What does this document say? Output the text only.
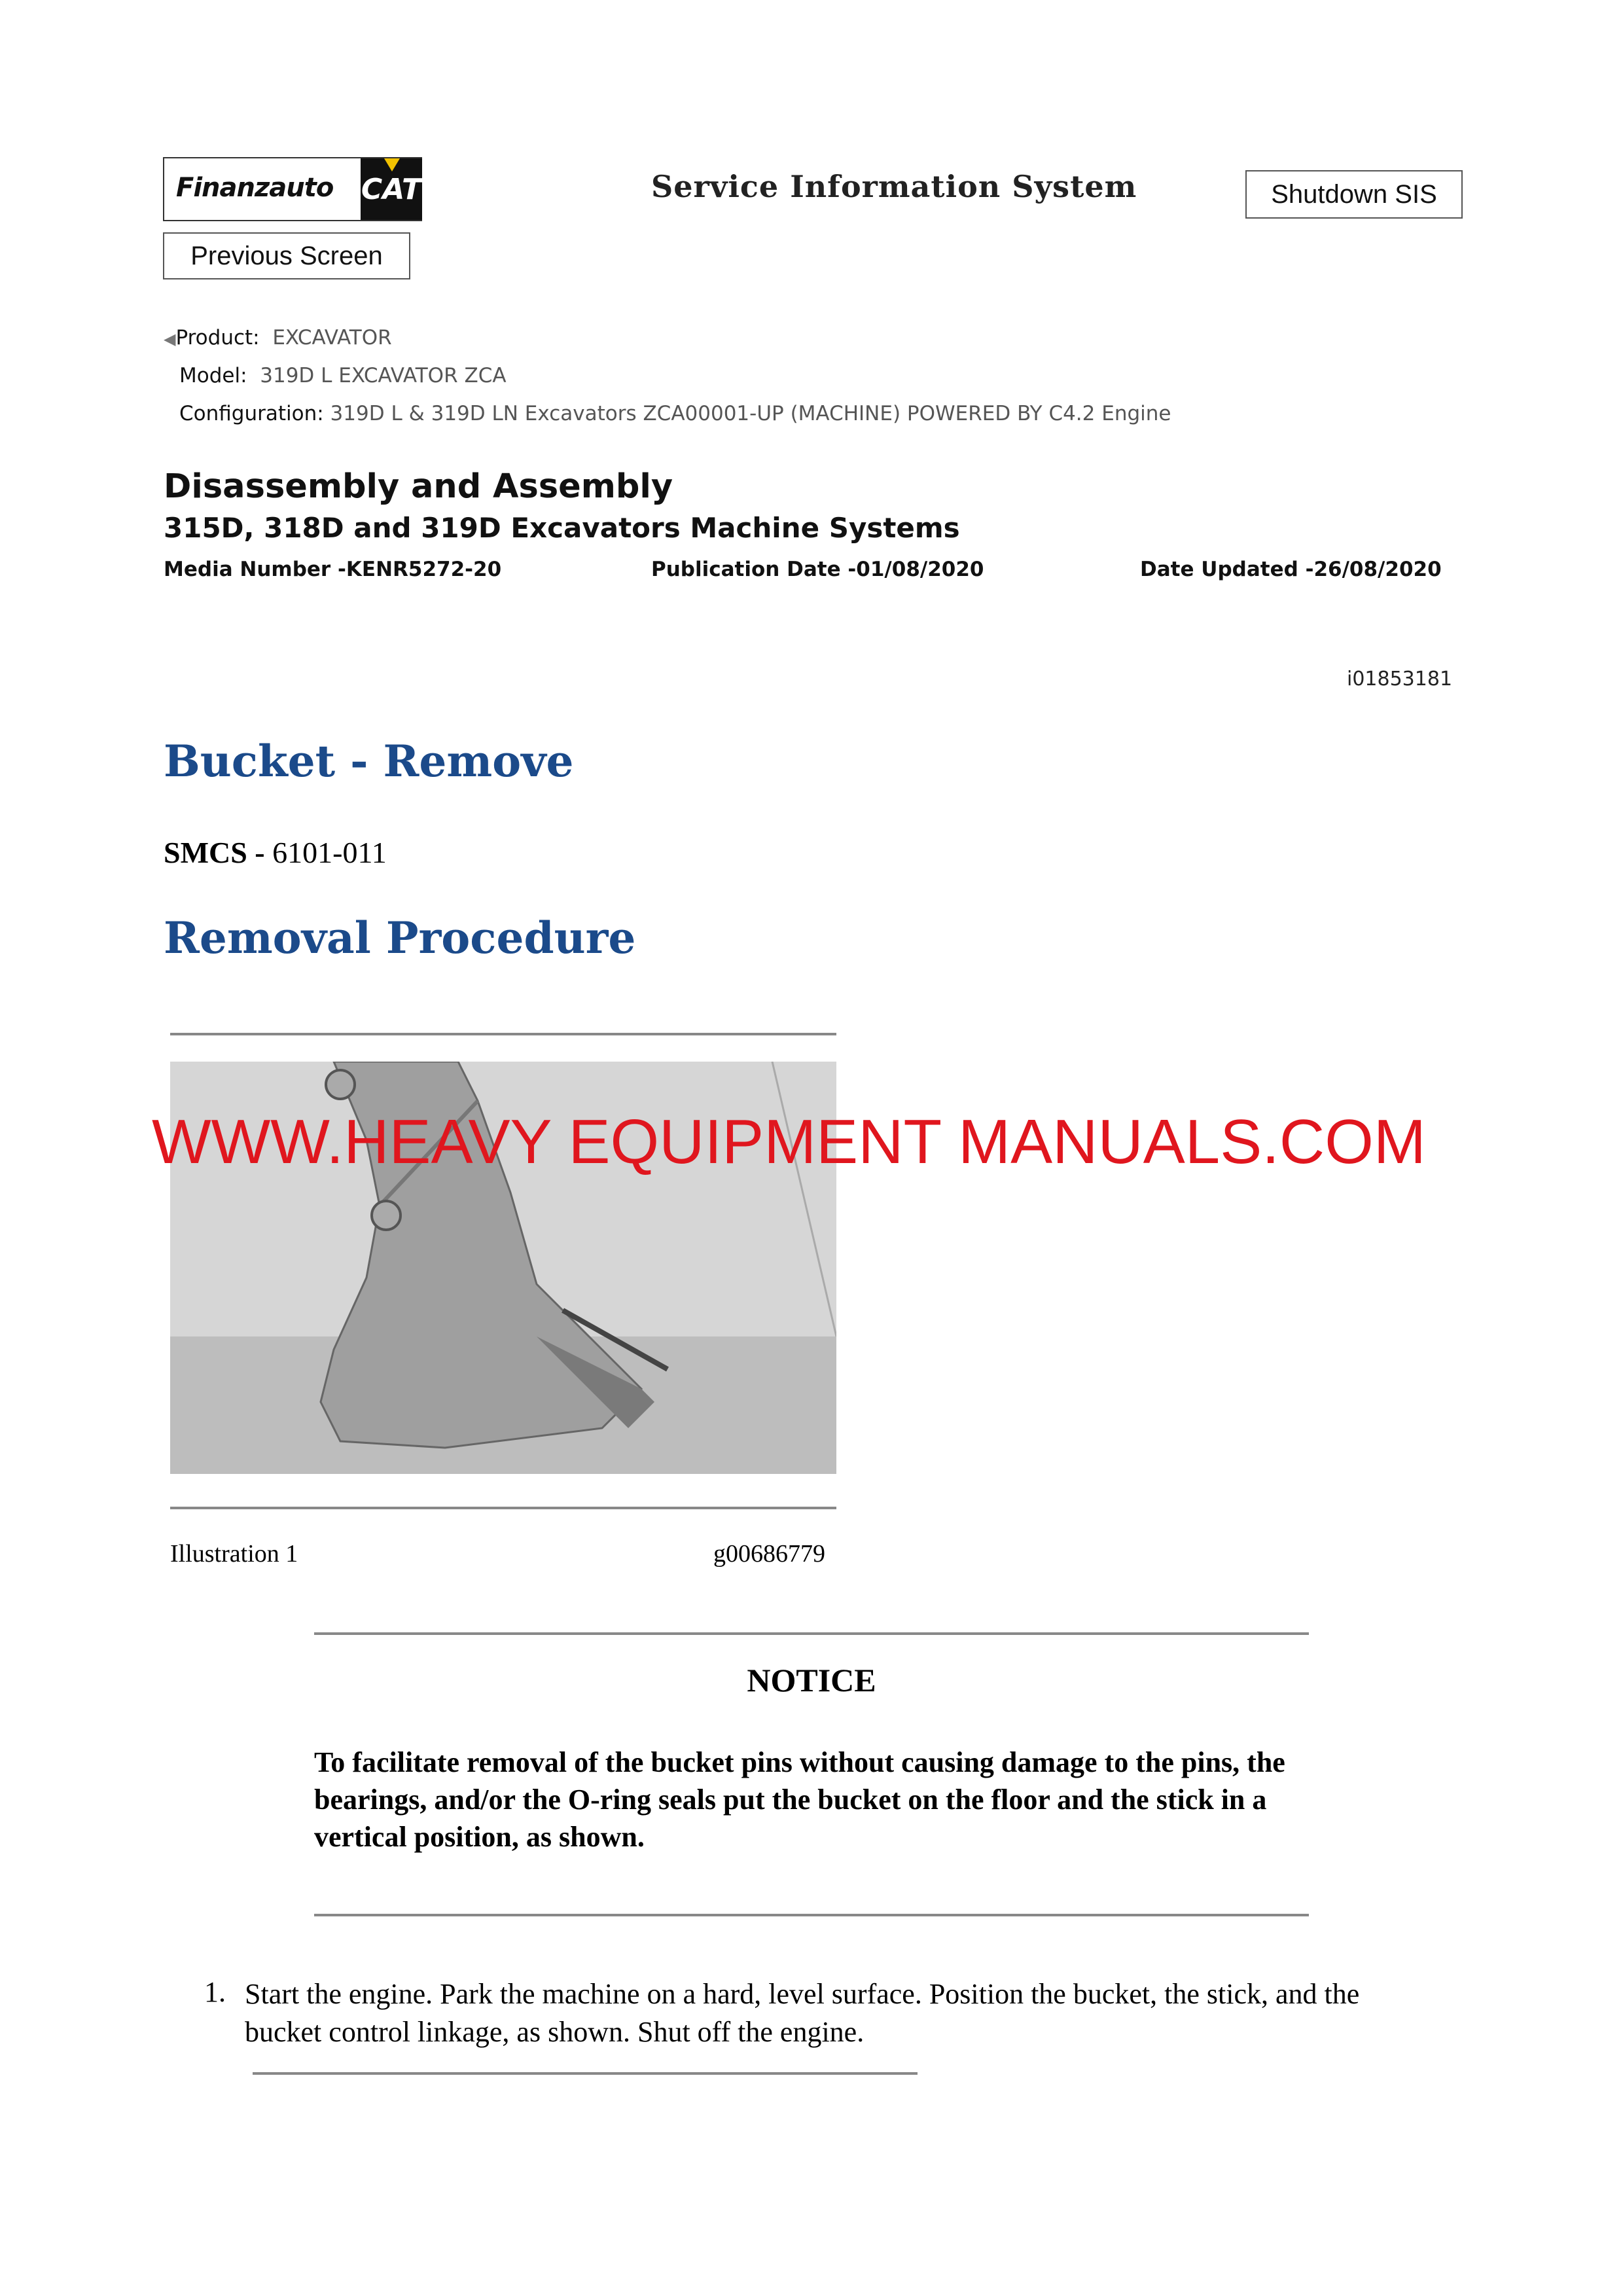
Finanzauto CAT	Service Information System	Shutdown SIS
Previous Screen
◀Product: EXCAVATOR
Model: 319D L EXCAVATOR ZCA
Configuration: 319D L & 319D LN Excavators ZCA00001-UP (MACHINE) POWERED BY C4.2 Engine
Disassembly and Assembly
315D, 318D and 319D Excavators Machine Systems
Media Number -KENR5272-20	Publication Date -01/08/2020	Date Updated -26/08/2020
i01853181
Bucket - Remove
SMCS - 6101-011
Removal Procedure
Illustration 1	g00686779
NOTICE
To facilitate removal of the bucket pins without causing damage to the pins, the bearings, and/or the O-ring seals put the bucket on the floor and the stick in a vertical position, as shown.
1. Start the engine. Park the machine on a hard, level surface. Position the bucket, the stick, and the bucket control linkage, as shown. Shut off the engine.
WWW.HEAVY EQUIPMENT MANUALS.COM
